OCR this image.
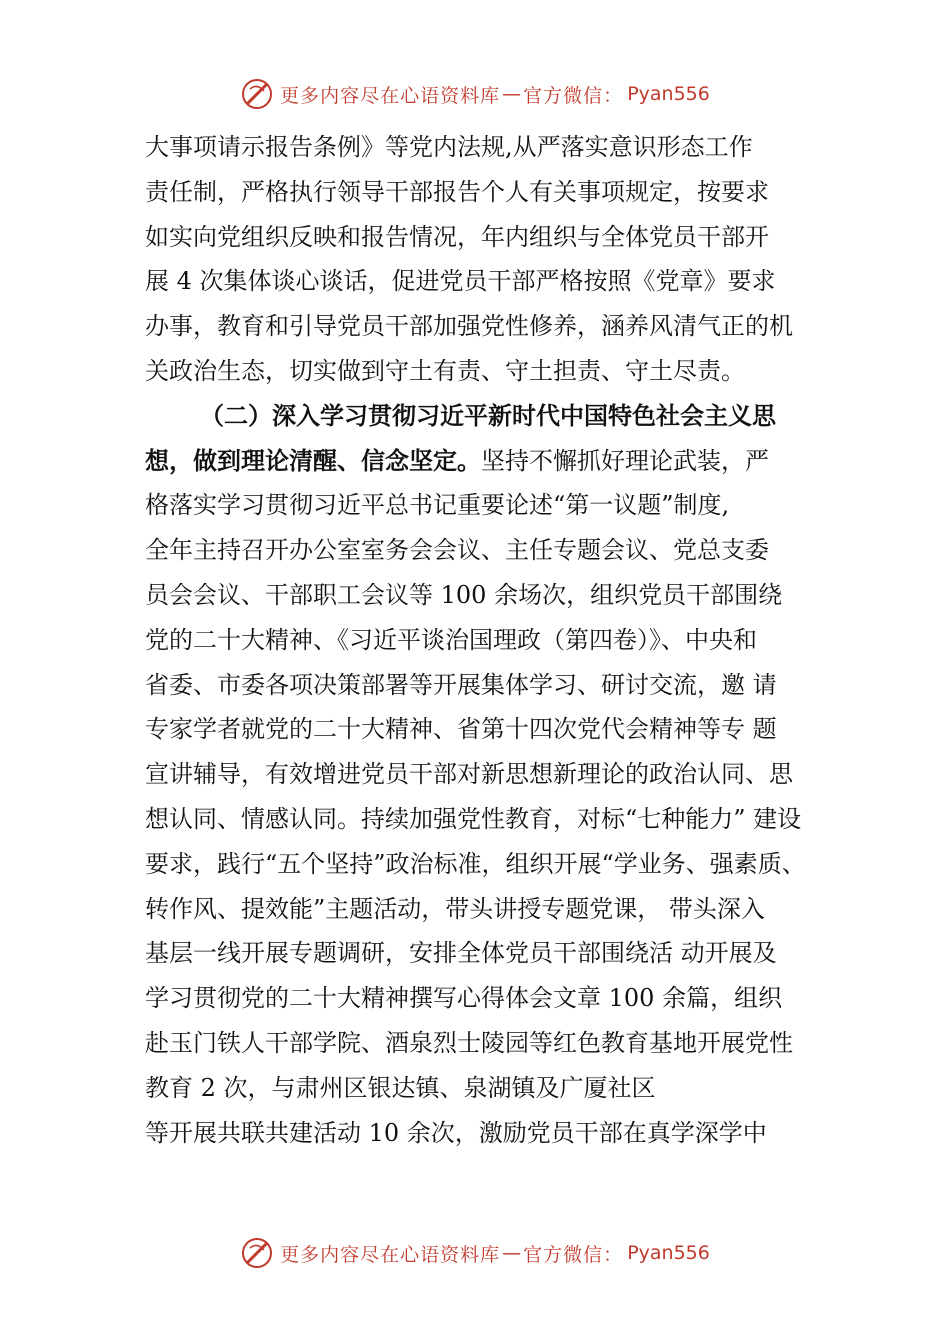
更多内容尽在心语资料库 — 官方微信： Pyan556
大事项请示报告条例》等党内法规,从严落实意识形态工作
责任制，严格执行领导干部报告个人有关事项规定，按要求
如实向党组织反映和报告情况，年内组织与全体党员干部开
展 4 次集体谈心谈话，促进党员干部严格按照《党章》要求
办事，教育和引导党员干部加强党性修养，涵养风清气正的机
关政治生态，切实做到守土有责、守土担责、守土尽责。
（二）深入学习贯彻习近平新时代中国特色社会主义思
想，做到理论清醒、信念坚定。坚持不懈抓好理论武装，严
格落实学习贯彻习近平总书记重要论述“第一议题”制度,
全年主持召开办公室室务会会议、主任专题会议、党总支委
员会会议、干部职工会议等 100 余场次，组织党员干部围绕
党的二十大精神、《习近平谈治国理政（第四卷）》、中央和
省委、市委各项决策部署等开展集体学习、研讨交流，邀 请
专家学者就党的二十大精神、省第十四次党代会精神等专 题
宣讲辅导，有效增进党员干部对新思想新理论的政治认同、思
想认同、情感认同。持续加强党性教育，对标“七种能力” 建设
要求，践行“五个坚持”政治标准，组织开展“学业务、强素质、
转作风、提效能”主题活动，带头讲授专题党课， 带头深入
基层一线开展专题调研，安排全体党员干部围绕活 动开展及
学习贯彻党的二十大精神撰写心得体会文章 100 余篇，组织
赴玉门铁人干部学院、酒泉烈士陵园等红色教育基地开展党性
教育 2 次，与肃州区银达镇、泉湖镇及广厦社区
等开展共联共建活动 10 余次，激励党员干部在真学深学中
更多内容尽在心语资料库 — 官方微信： Pyan556
